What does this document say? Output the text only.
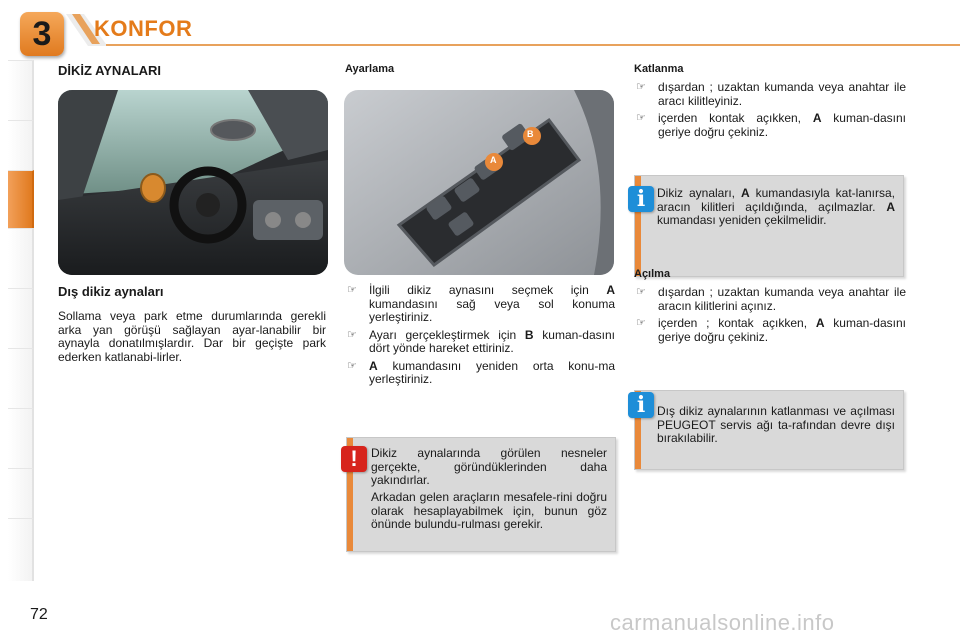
3 KONFOR
DİKİZ AYNALARI
Dış dikiz aynaları
Sollama veya park etme durumlarında gerekli arka yan görüşü sağlayan ayar-lanabilir bir aynayla donatılmışlardır. Dar bir geçişte park ederken katlanabi-lirler.
Ayarlama
B
A
☞ İlgili dikiz aynasını seçmek için A kumandasını sağ veya sol konuma yerleştiriniz.
☞ Ayarı gerçekleştirmek için B kuman-dasını dört yönde hareket ettiriniz.
☞ A kumandasını yeniden orta konu-ma yerleştiriniz.
Dikiz aynalarında görülen nesneler gerçekte, göründüklerinden daha yakındırlar.
Arkadan gelen araçların mesafele-rini doğru olarak hesaplayabilmek için, bunun göz önünde bulundu-rulması gerekir.
!
Katlanma
☞ dışardan ; uzaktan kumanda veya anahtar ile aracı kilitleyiniz.
☞ içerden kontak açıkken, A kuman-dasını geriye doğru çekiniz.
Dikiz aynaları, A kumandasıyla kat-lanırsa, aracın kilitleri açıldığında, açılmazlar. A kumandası yeniden çekilmelidir.
i
Açılma
☞ dışardan ; uzaktan kumanda veya anahtar ile aracın kilitlerini açınız.
☞ içerden ; kontak açıkken, A kuman-dasını geriye doğru çekiniz.
Dış dikiz aynalarının katlanması ve açılması PEUGEOT servis ağı ta-rafından devre dışı bırakılabilir.
i
72	carmanualsonline.info
